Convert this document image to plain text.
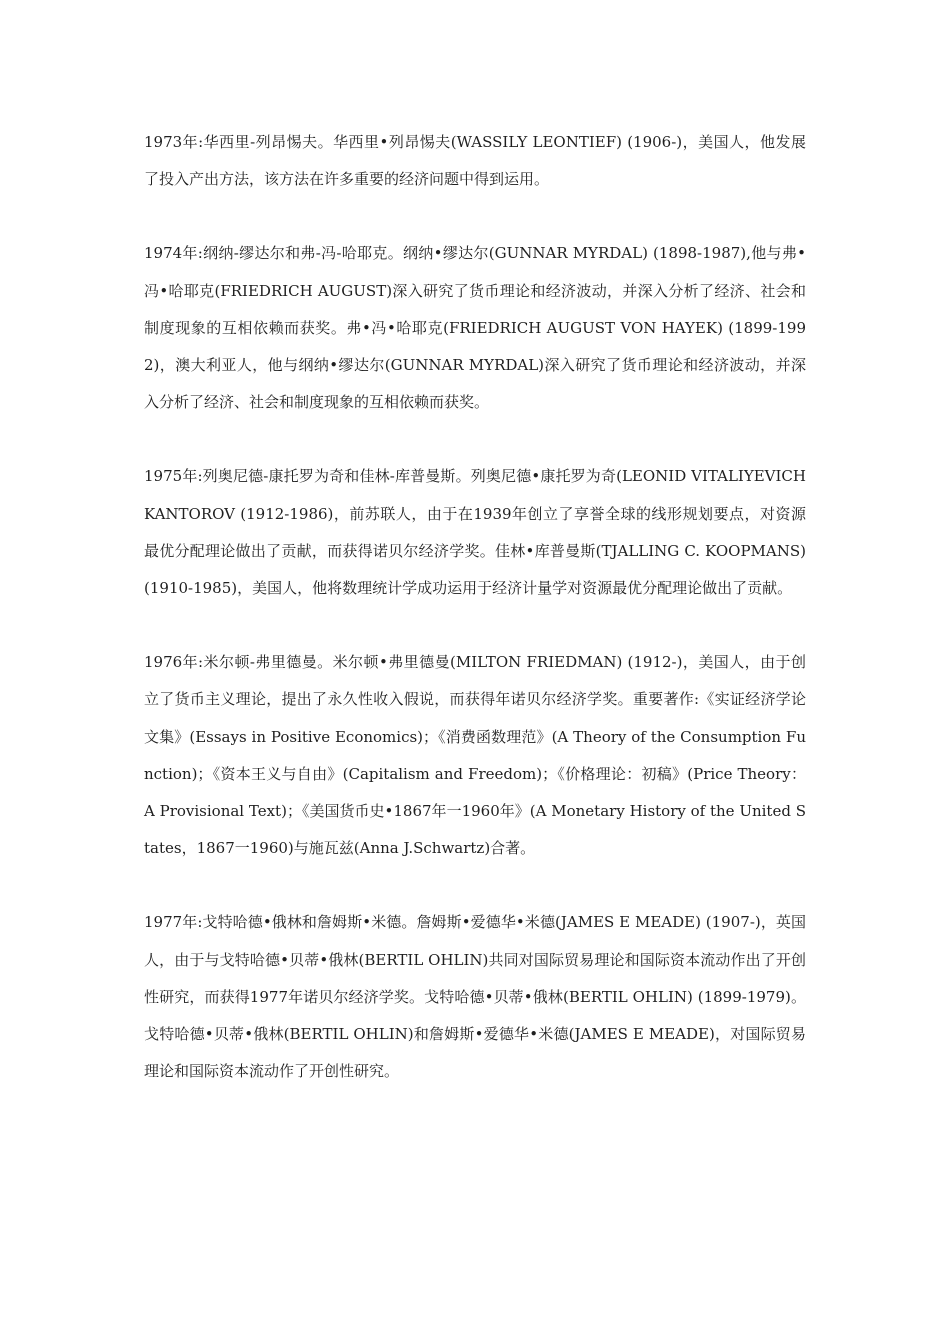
1973年:华西里-列昂惕夫。华西里•列昂惕夫(WASSILY LEONTIEF) (1906-)，美国人，他发展了投入产出方法，该方法在许多重要的经济问题中得到运用。

1974年:纲纳-缪达尔和弗-冯-哈耶克。纲纳•缪达尔(GUNNAR MYRDAL) (1898-1987),他与弗•冯•哈耶克(FRIEDRICH AUGUST)深入研究了货币理论和经济波动，并深入分析了经济、社会和制度现象的互相依赖而获奖。弗•冯•哈耶克(FRIEDRICH AUGUST VON HAYEK) (1899-1992)，澳大利亚人，他与纲纳•缪达尔(GUNNAR MYRDAL)深入研究了货币理论和经济波动，并深入分析了经济、社会和制度现象的互相依赖而获奖。

1975年:列奥尼德-康托罗为奇和佳林-库普曼斯。列奥尼德•康托罗为奇(LEONID VITALIYEVICH KANTOROV (1912-1986)，前苏联人，由于在1939年创立了享誉全球的线形规划要点，对资源最优分配理论做出了贡献，而获得诺贝尔经济学奖。佳林•库普曼斯(TJALLING C. KOOPMANS) (1910-1985)，美国人，他将数理统计学成功运用于经济计量学对资源最优分配理论做出了贡献。

1976年:米尔顿-弗里德曼。米尔顿•弗里德曼(MILTON FRIEDMAN) (1912-)，美国人，由于创立了货币主义理论，提出了永久性收入假说，而获得年诺贝尔经济学奖。重要著作:《实证经济学论文集》(Essays in Positive Economics)；《消费函数理范》(A Theory of the Consumption Function)；《资本王义与自由》(Capitalism and Freedom)；《价格理论：初稿》(Price Theory：A Provisional Text)；《美国货币史•1867年一1960年》(A Monetary History of the United States，1867一1960)与施瓦兹(Anna J.Schwartz)合著。

1977年:戈特哈德•俄林和詹姆斯•米德。詹姆斯•爱德华•米德(JAMES E MEADE) (1907-)，英国人，由于与戈特哈德•贝蒂•俄林(BERTIL OHLIN)共同对国际贸易理论和国际资本流动作出了开创性研究，而获得1977年诺贝尔经济学奖。戈特哈德•贝蒂•俄林(BERTIL OHLIN) (1899-1979)。戈特哈德•贝蒂•俄林(BERTIL OHLIN)和詹姆斯•爱德华•米德(JAMES E MEADE)，对国际贸易理论和国际资本流动作了开创性研究。
